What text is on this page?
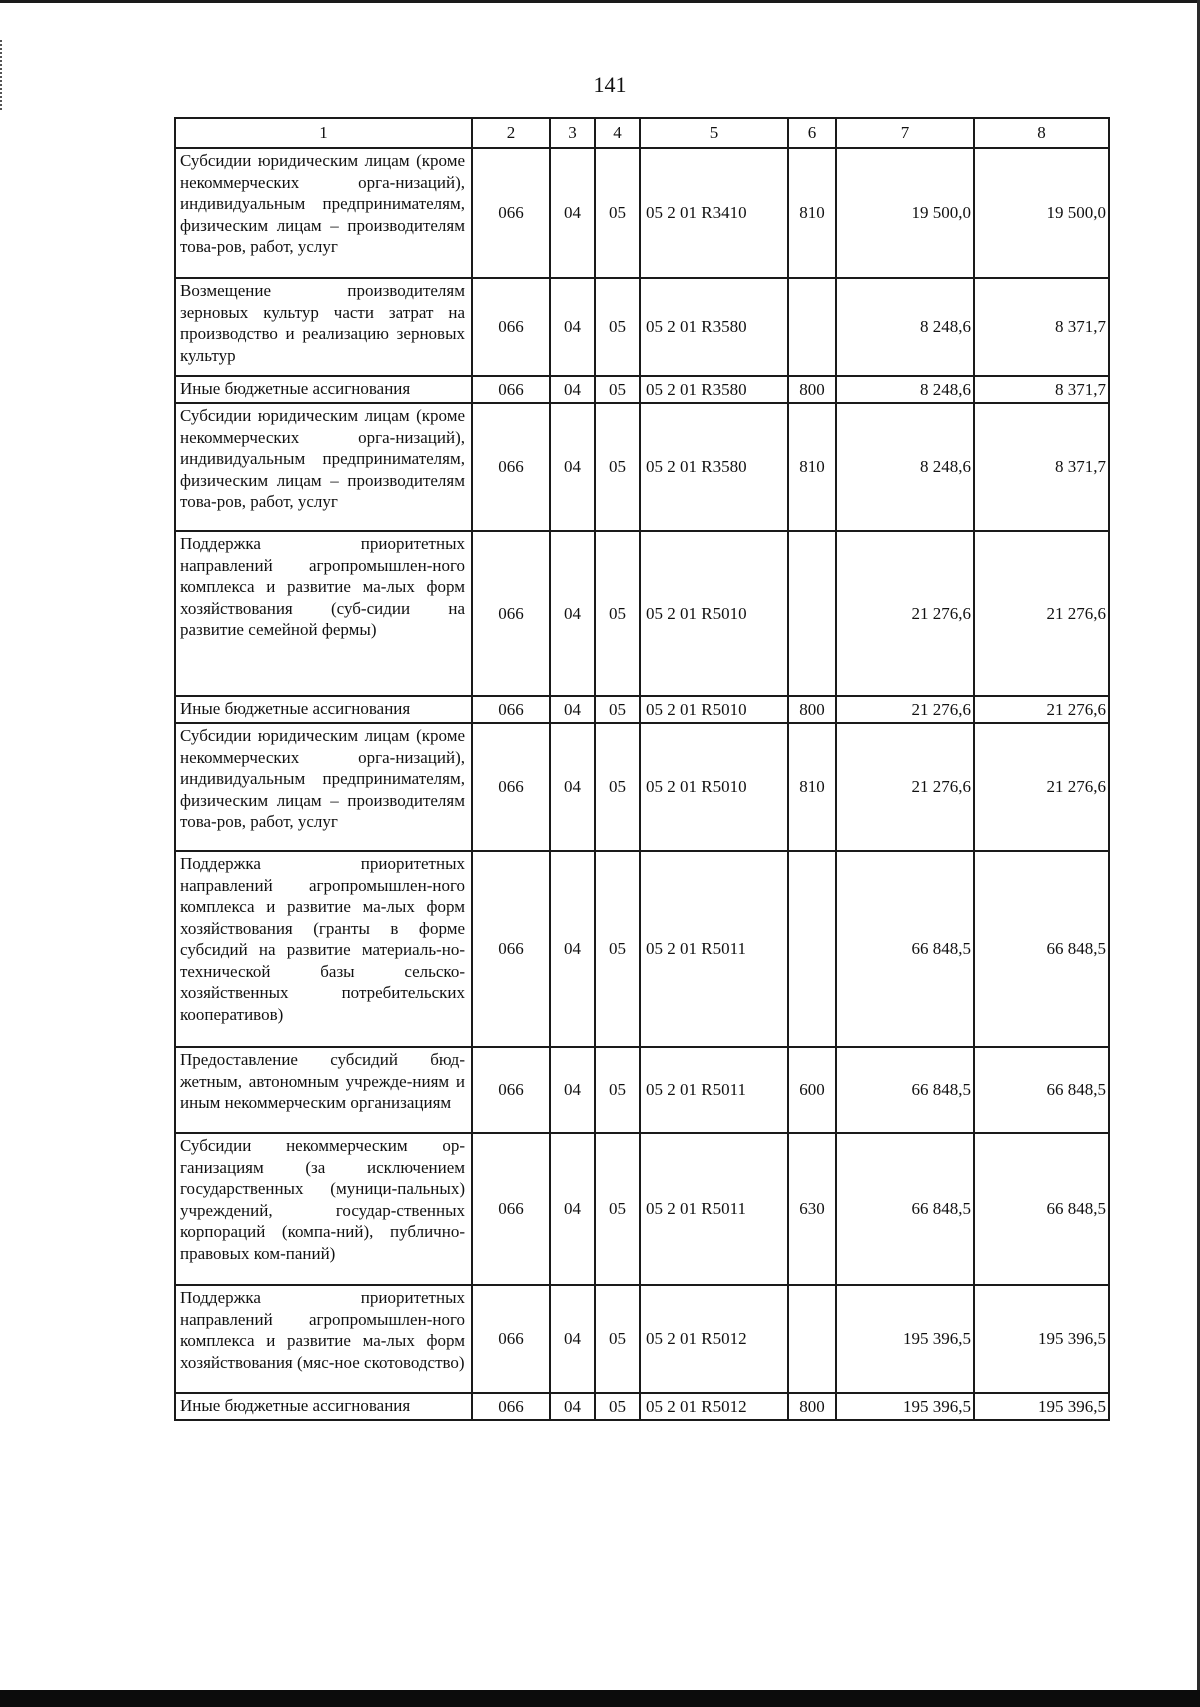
141
1	2	3	4	5	6	7	8
Субсидии юридическим лицам (кроме некоммерческих орга-низаций), индивидуальным предпринимателям, физическим лицам – производителям това-ров, работ, услуг	066	04	05	05 2 01 R3410	810	19 500,0	19 500,0
Возмещение производителям зерновых культур части затрат на производство и реализацию зерновых культур	066	04	05	05 2 01 R3580		8 248,6	8 371,7
Иные бюджетные ассигнования	066	04	05	05 2 01 R3580	800	8 248,6	8 371,7
Субсидии юридическим лицам (кроме некоммерческих орга-низаций), индивидуальным предпринимателям, физическим лицам – производителям това-ров, работ, услуг	066	04	05	05 2 01 R3580	810	8 248,6	8 371,7
Поддержка приоритетных направлений агропромышлен-ного комплекса и развитие ма-лых форм хозяйствования (суб-сидии на развитие семейной фермы)	066	04	05	05 2 01 R5010		21 276,6	21 276,6
Иные бюджетные ассигнования	066	04	05	05 2 01 R5010	800	21 276,6	21 276,6
Субсидии юридическим лицам (кроме некоммерческих орга-низаций), индивидуальным предпринимателям, физическим лицам – производителям това-ров, работ, услуг	066	04	05	05 2 01 R5010	810	21 276,6	21 276,6
Поддержка приоритетных направлений агропромышлен-ного комплекса и развитие ма-лых форм хозяйствования (гранты в форме субсидий на развитие материаль-но-технической базы сельско-хозяйственных потребительских кооперативов)	066	04	05	05 2 01 R5011		66 848,5	66 848,5
Предоставление субсидий бюд-жетным, автономным учрежде-ниям и иным некоммерческим организациям	066	04	05	05 2 01 R5011	600	66 848,5	66 848,5
Субсидии некоммерческим ор-ганизациям (за исключением государственных (муници-пальных) учреждений, государ-ственных корпораций (компа-ний), публично-правовых ком-паний)	066	04	05	05 2 01 R5011	630	66 848,5	66 848,5
Поддержка приоритетных направлений агропромышлен-ного комплекса и развитие ма-лых форм хозяйствования (мяс-ное скотоводство)	066	04	05	05 2 01 R5012		195 396,5	195 396,5
Иные бюджетные ассигнования	066	04	05	05 2 01 R5012	800	195 396,5	195 396,5
